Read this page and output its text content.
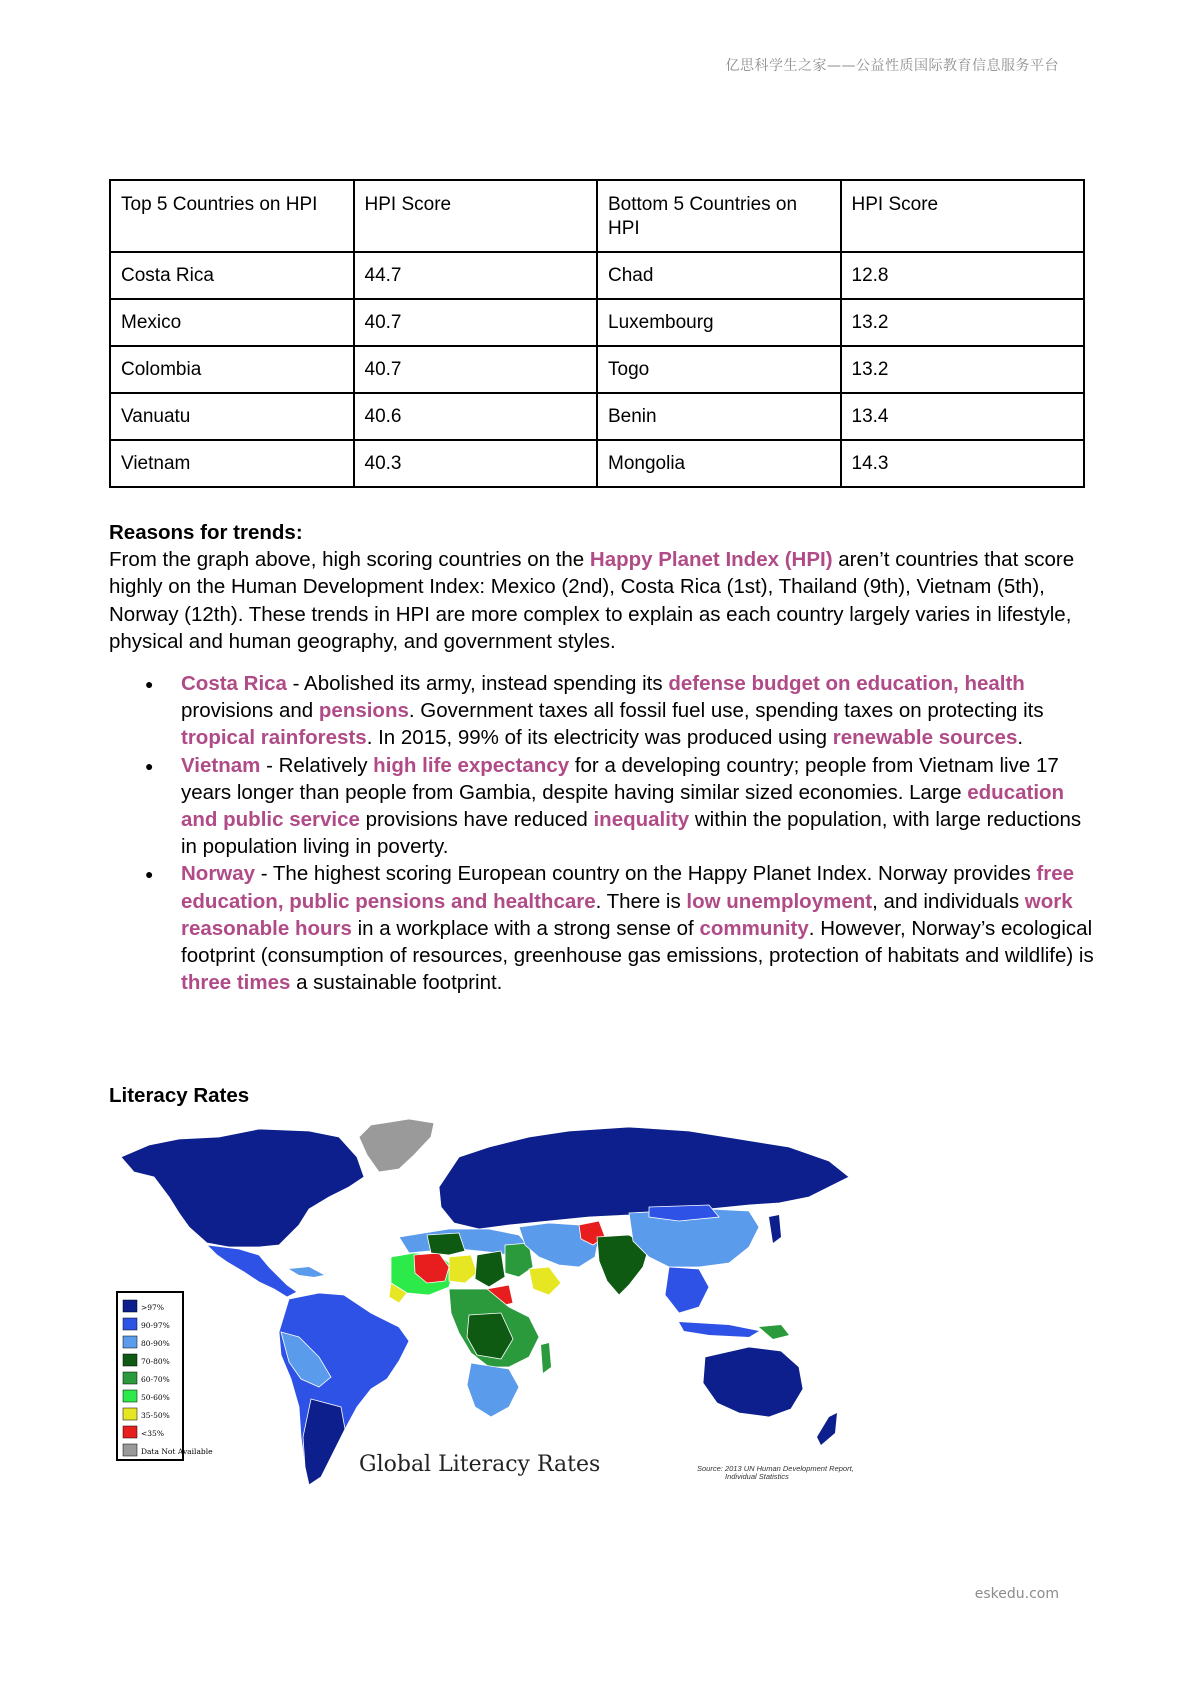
亿思科学生之家——公益性质国际教育信息服务平台
Top 5 Countries on HPI	HPI Score	Bottom 5 Countries on HPI	HPI Score
Costa Rica	44.7	Chad	12.8
Mexico	40.7	Luxembourg	13.2
Colombia	40.7	Togo	13.2
Vanuatu	40.6	Benin	13.4
Vietnam	40.3	Mongolia	14.3
Reasons for trends:
From the graph above, high scoring countries on the Happy Planet Index (HPI) aren’t countries that score highly on the Human Development Index: Mexico (2nd), Costa Rica (1st), Thailand (9th), Vietnam (5th), Norway (12th). These trends in HPI are more complex to explain as each country largely varies in lifestyle, physical and human geography, and government styles.
● Costa Rica - Abolished its army, instead spending its defense budget on education, health provisions and pensions. Government taxes all fossil fuel use, spending taxes on protecting its tropical rainforests. In 2015, 99% of its electricity was produced using renewable sources.
● Vietnam - Relatively high life expectancy for a developing country; people from Vietnam live 17 years longer than people from Gambia, despite having similar sized economies. Large education and public service provisions have reduced inequality within the population, with large reductions in population living in poverty.
● Norway - The highest scoring European country on the Happy Planet Index. Norway provides free education, public pensions and healthcare. There is low unemployment, and individuals work reasonable hours in a workplace with a strong sense of community. However, Norway’s ecological footprint (consumption of resources, greenhouse gas emissions, protection of habitats and wildlife) is three times a sustainable footprint.
Literacy Rates
>97%
90-97%
80-90%
70-80%
60-70%
50-60%
35-50%
<35%
Data Not Available
Global Literacy Rates	Source: 2013 UN Human Development Report,
Individual Statistics
eskedu.com
